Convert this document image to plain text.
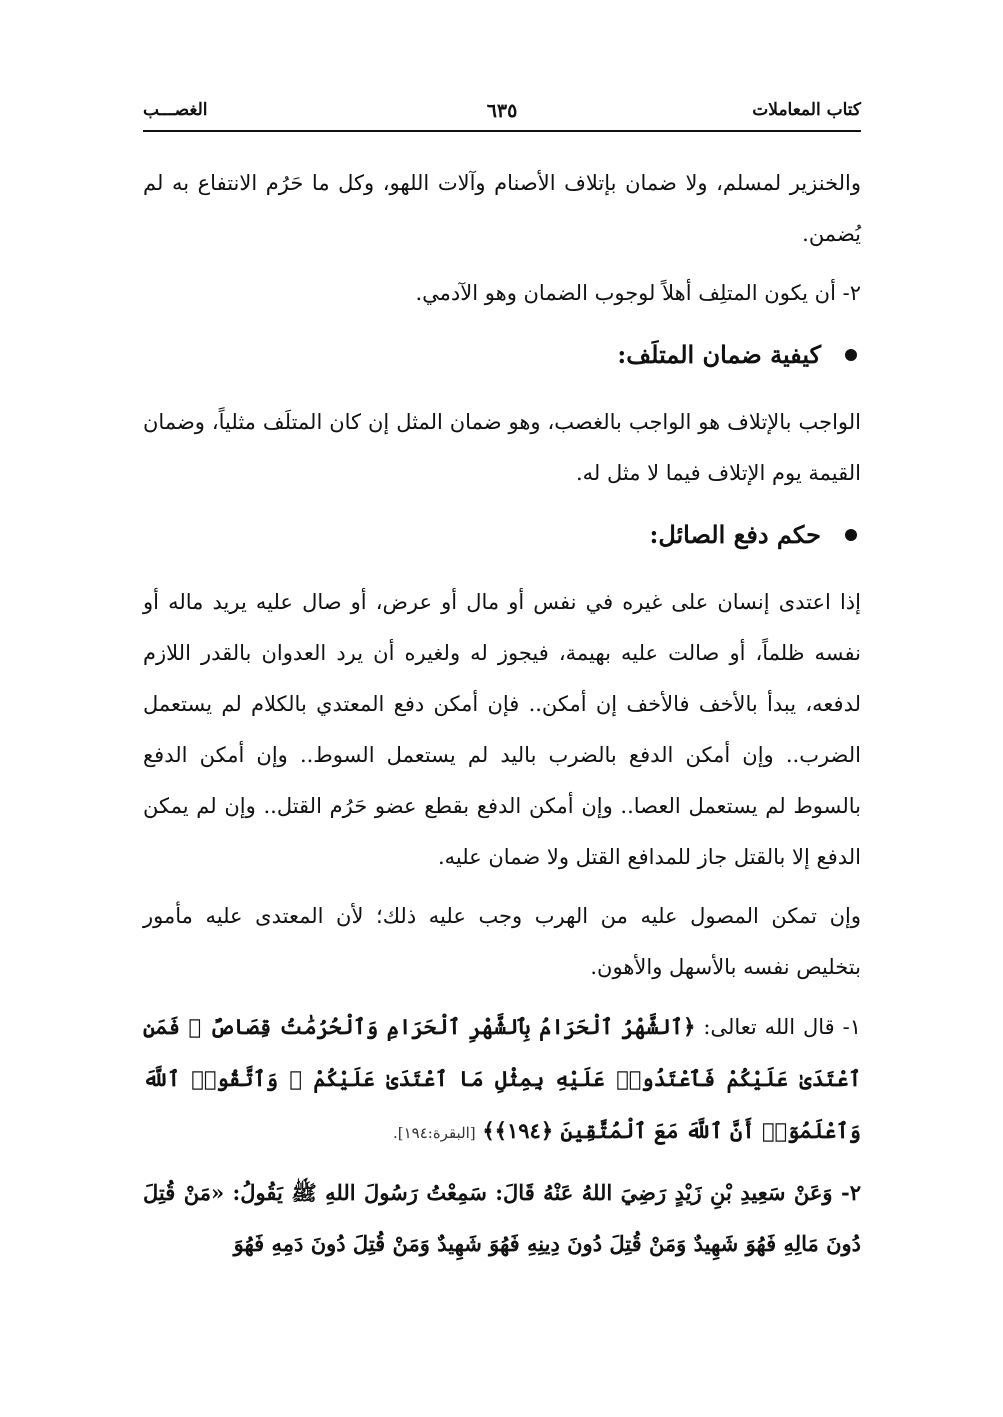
كتاب المعاملات
٦٣٥
الغصـــب

والخنزير لمسلم، ولا ضمان بإتلاف الأصنام وآلات اللهو، وكل ما حَرُم الانتفاع به لم يُضمن.

٢- أن يكون المتلِف أهلاً لوجوب الضمان وهو الآدمي.

كيفية ضمان المتلَف:

الواجب بالإتلاف هو الواجب بالغصب، وهو ضمان المثل إن كان المتلَف مثلياً، وضمان القيمة يوم الإتلاف فيما لا مثل له.

حكم دفع الصائل:

إذا اعتدى إنسان على غيره في نفس أو مال أو عرض، أو صال عليه يريد ماله أو نفسه ظلماً، أو صالت عليه بهيمة، فيجوز له ولغيره أن يرد العدوان بالقدر اللازم لدفعه، يبدأ بالأخف فالأخف إن أمكن.. فإن أمكن دفع المعتدي بالكلام لم يستعمل الضرب.. وإن أمكن الدفع بالضرب باليد لم يستعمل السوط.. وإن أمكن الدفع بالسوط لم يستعمل العصا.. وإن أمكن الدفع بقطع عضو حَرُم القتل.. وإن لم يمكن الدفع إلا بالقتل جاز للمدافع القتل ولا ضمان عليه.

وإن تمكن المصول عليه من الهرب وجب عليه ذلك؛ لأن المعتدى عليه مأمور بتخليص نفسه بالأسهل والأهون.

١- قال الله تعالى: ﴿ٱلشَّهْرُ ٱلْحَرَامُ بِٱلشَّهْرِ ٱلْحَرَامِ وَٱلْحُرُمَٰتُ قِصَاصٌ ۚ فَمَنِ ٱعْتَدَىٰ عَلَيْكُمْ فَٱعْتَدُوا۟ عَلَيْهِ بِمِثْلِ مَا ٱعْتَدَىٰ عَلَيْكُمْ ۚ وَٱتَّقُوا۟ ٱللَّهَ وَٱعْلَمُوٓا۟ أَنَّ ٱللَّهَ مَعَ ٱلْمُتَّقِينَ ﴿١٩٤﴾﴾ [البقرة:١٩٤].

٢- وَعَنْ سَعِيدِ بْنِ زَيْدٍ رَضِيَ اللهُ عَنْهُ قَالَ: سَمِعْتُ رَسُولَ اللهِ ﷺ يَقُولُ: «مَنْ قُتِلَ دُونَ مَالِهِ فَهُوَ شَهِيدٌ وَمَنْ قُتِلَ دُونَ دِينِهِ فَهُوَ شَهِيدٌ وَمَنْ قُتِلَ دُونَ دَمِهِ فَهُوَ
